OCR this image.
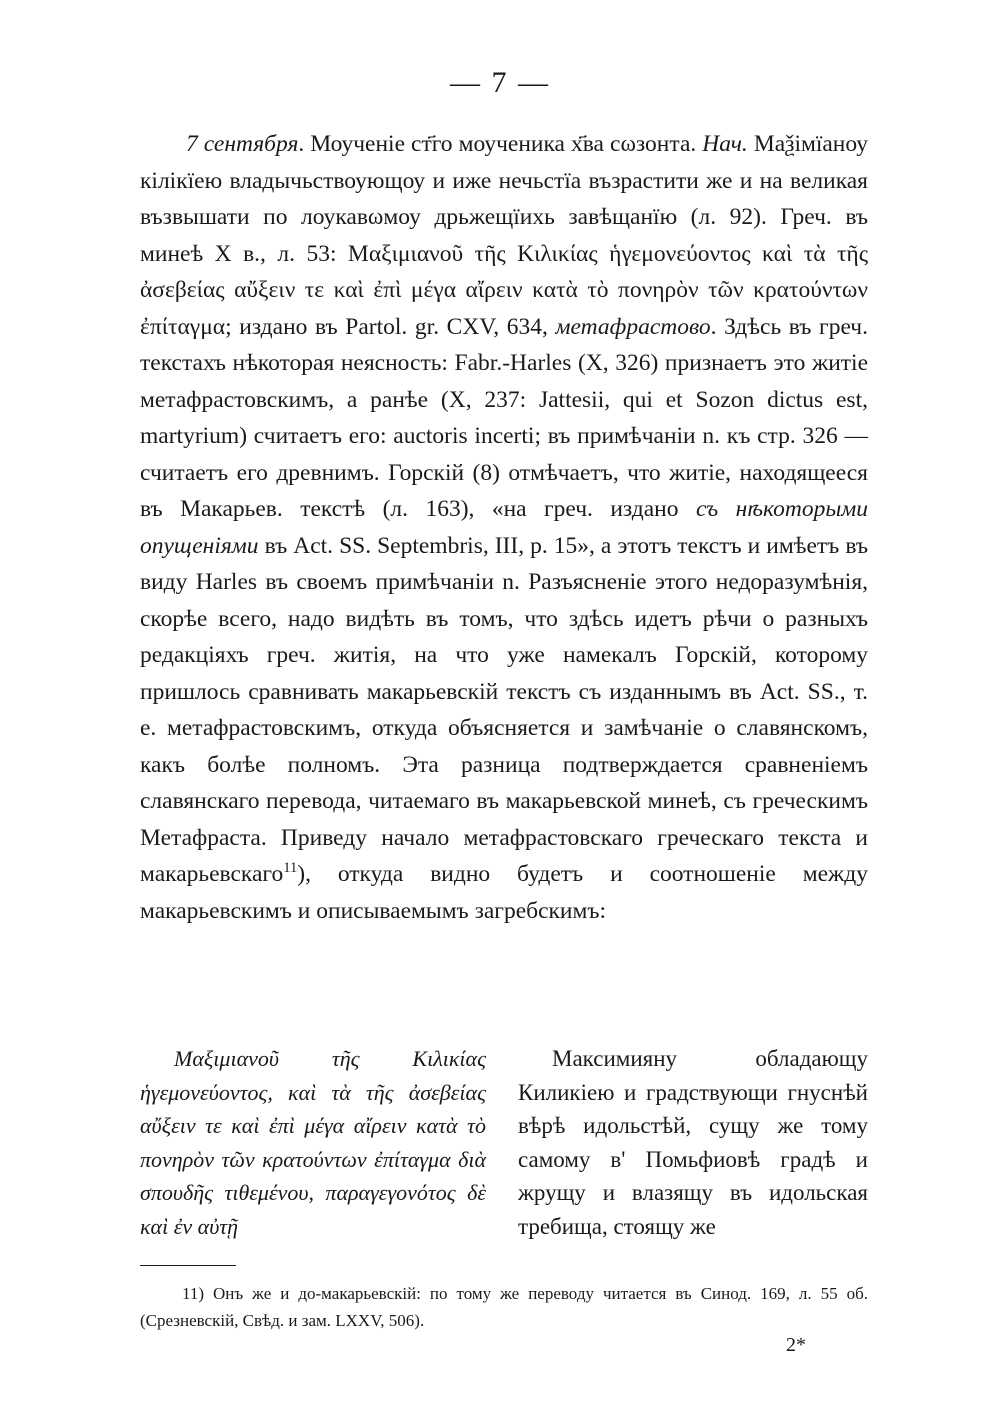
— 7 —

7 сентября. Моученіе ст҃го моученика х҃ва сωзонта. Нач. Маѯімїаноу кілікїею владычьствоующоу и иже нечьстїа възрастити же и на великая възвышати по лоукавωмоу дрьжещїихь завѣщанїю (л. 92). Греч. въ минеѣ X в., л. 53: Μαξιμιανοῦ τῆς Κιλικίας ἡγεμονεύοντος καὶ τὰ τῆς ἀσεβείας αὔξειν τε καὶ ἐπὶ μέγα αἴρειν κατὰ τὸ πονηρὸν τῶν κρατούντων ἐπίταγμα; издано въ Partol. gr. CXV, 634, метафрастово. Здѣсь въ греч. текстахъ нѣкоторая неясность: Fabr.-Harles (X, 326) признаетъ это житіе метафрастовскимъ, а ранѣе (X, 237: Jattesii, qui et Sozon dictus est, martyrium) считаетъ его: auctoris incerti; въ примѣчаніи n. къ стр. 326 — считаетъ его древнимъ. Горскій (8) отмѣчаетъ, что житіе, находящееся въ Макарьев. текстѣ (л. 163), «на греч. издано съ нѣкоторыми опущеніями въ Act. SS. Septembris, III, p. 15», а этотъ текстъ и имѣетъ въ виду Harles въ своемъ примѣчаніи n. Разъясненіе этого недоразумѣнія, скорѣе всего, надо видѣть въ томъ, что здѣсь идетъ рѣчи о разныхъ редакціяхъ греч. житія, на что уже намекалъ Горскій, которому пришлось сравнивать макарьевскій текстъ съ изданнымъ въ Act. SS., т. е. метафрастовскимъ, откуда объясняется и замѣчаніе о славянскомъ, какъ болѣе полномъ. Эта разница подтверждается сравненіемъ славянскаго перевода, читаемаго въ макарьевской минеѣ, съ греческимъ Метафраста. Приведу начало метафрастовскаго греческаго текста и макарьевскаго$^{11}$), откуда видно будетъ и соотношеніе между макарьевскимъ и описываемымъ загребскимъ:

Μαξιμιανοῦ τῆς Κιλικίας ἡγεμονεύοντος, καὶ τὰ τῆς ἀσεβείας αὔξειν τε καὶ ἐπὶ μέγα αἴρειν κατὰ τὸ πονηρὸν τῶν κρατούντων ἐπίταγμα διὰ σπουδῆς τιθεμένου, παραγεγονότος δὲ καὶ ἐν αὐτῇ
Максимияну обладающу Киликiею и градствующи гнуснѣй вѣрѣ идольстѣй, сущу же тому самому в' Помьфиовѣ градѣ и жрущу и влазящу въ идольская требища, стоящу же

11) Онъ же и до-макарьевскій: по тому же переводу читается въ Синод. 169, л. 55 об. (Срезневскій, Свѣд. и зам. LXXV, 506).

2*
